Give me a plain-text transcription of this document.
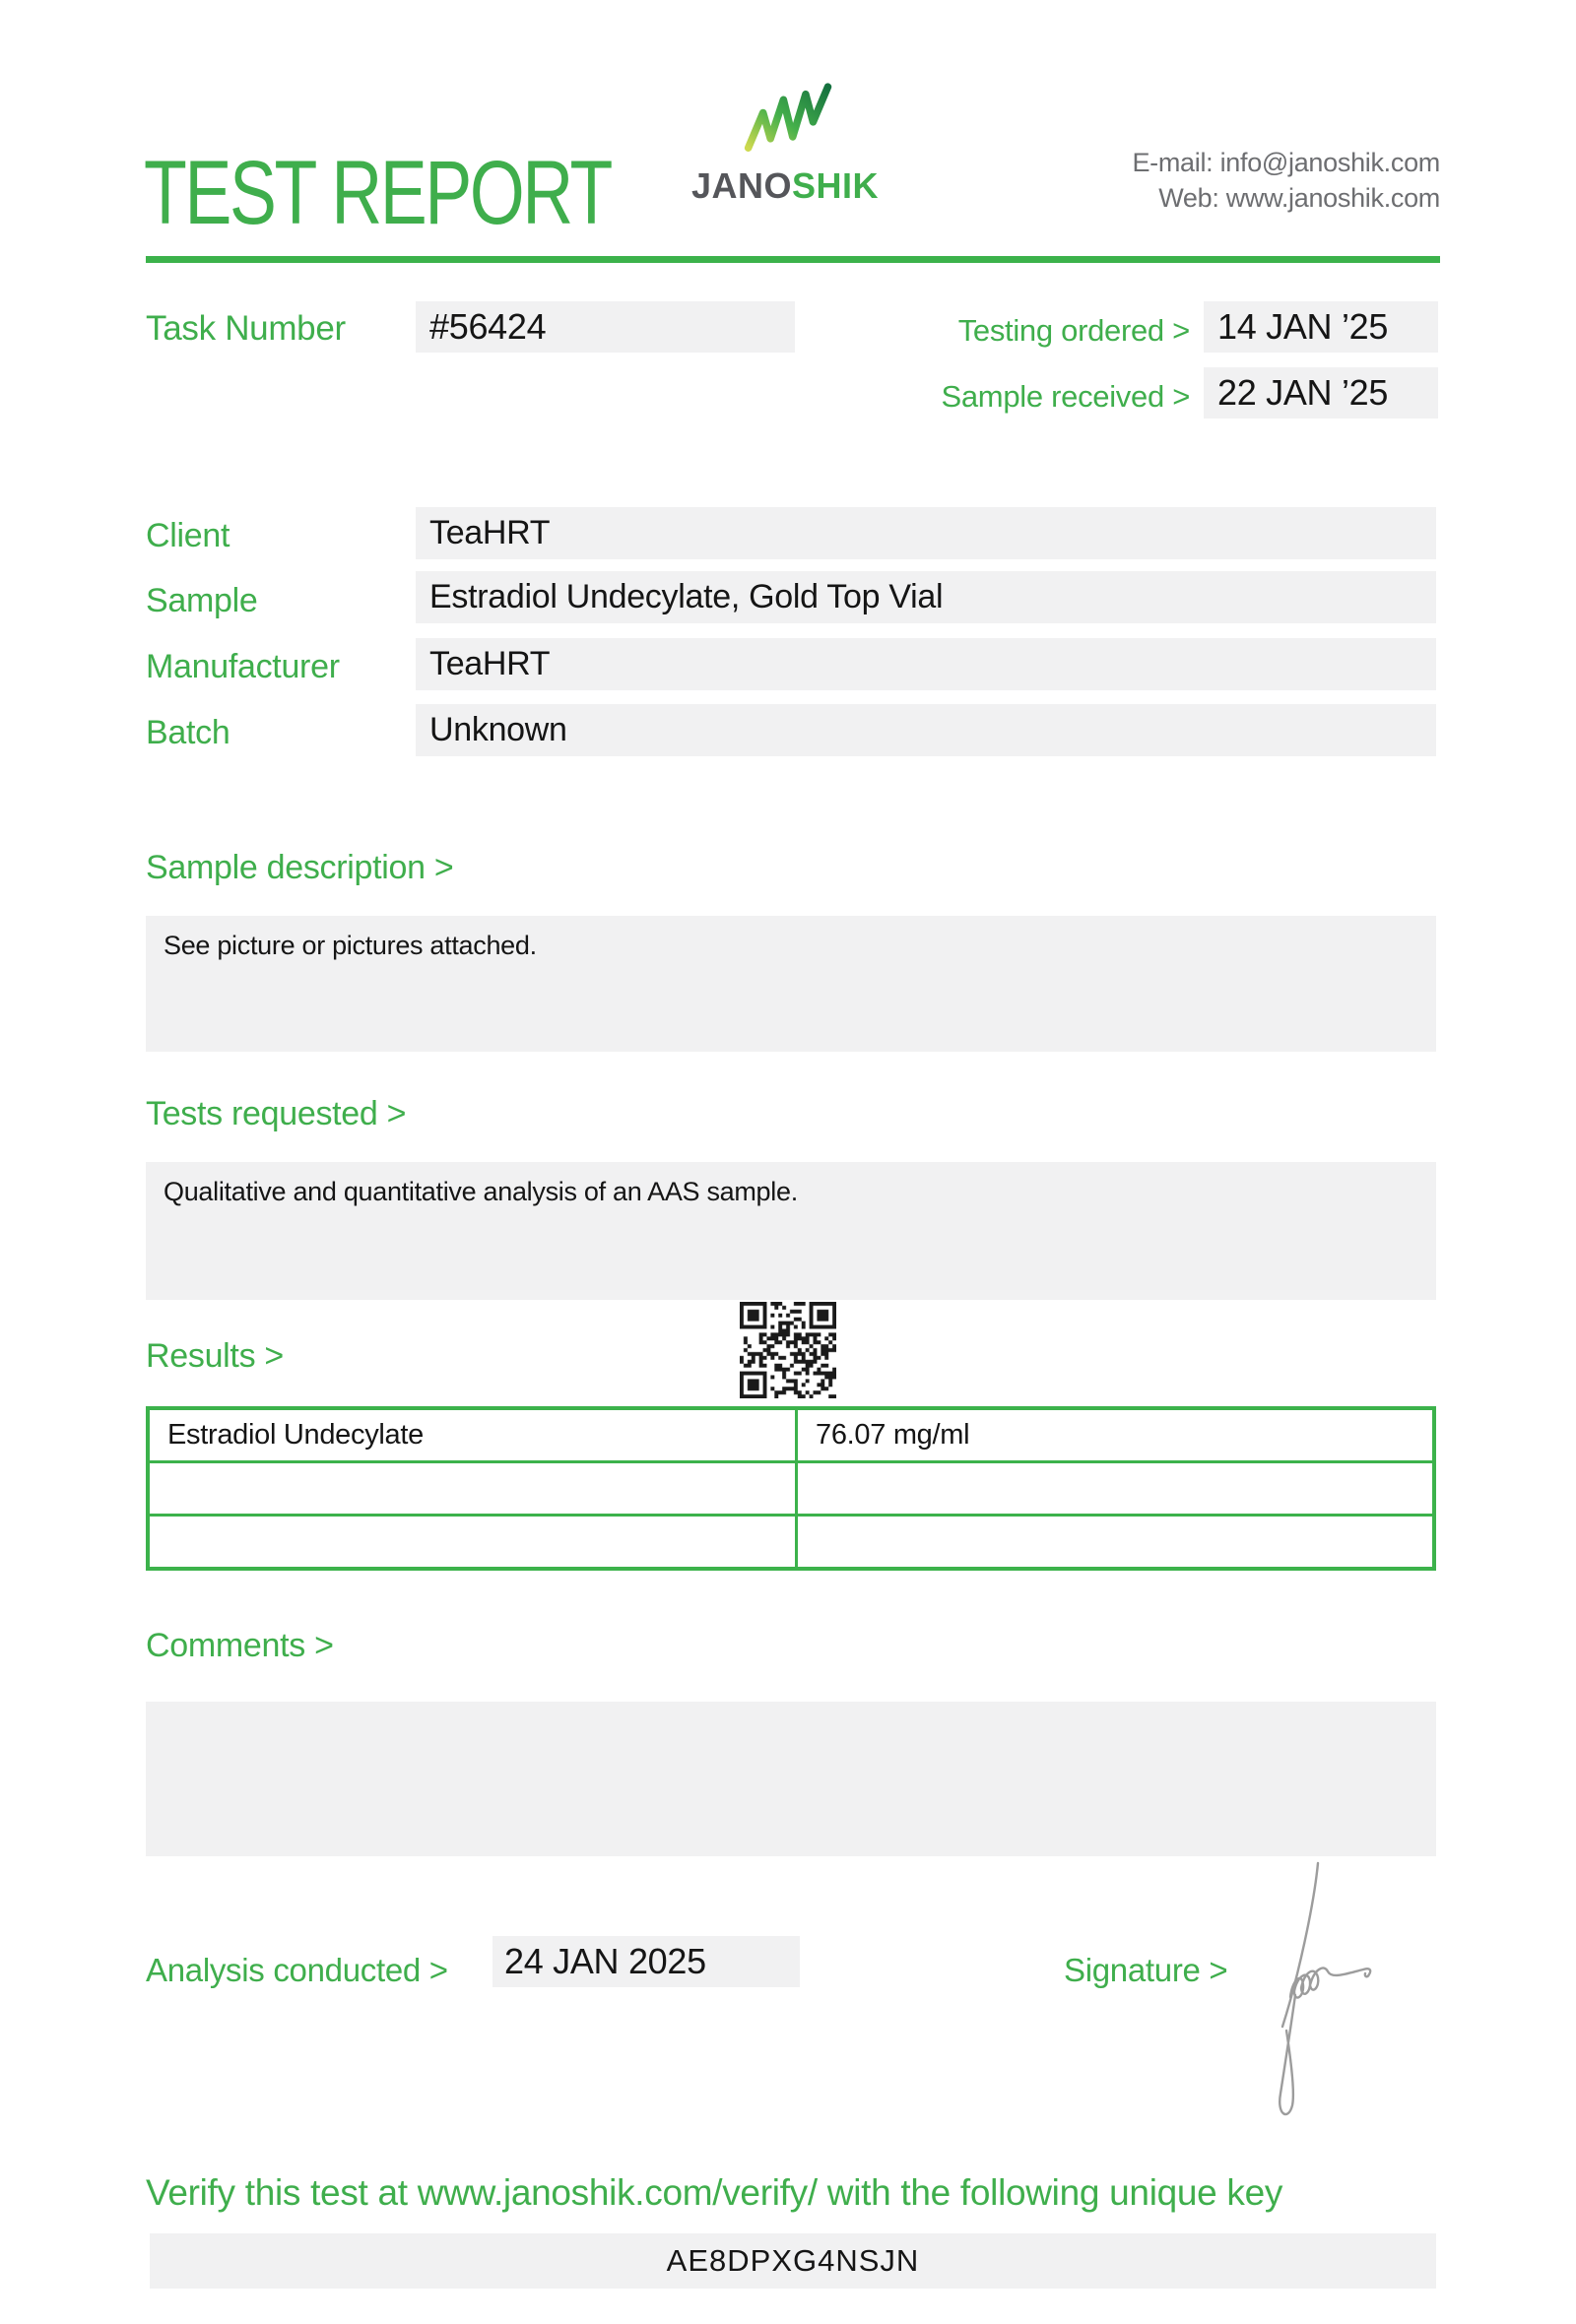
TEST REPORT	JANOSHIK
E-mail: info@janoshik.com
Web: www.janoshik.com
Task Number	#56424	Testing ordered > 14 JAN ’25
Sample received > 22 JAN ’25
Client	TeaHRT
Sample	Estradiol Undecylate, Gold Top Vial
Manufacturer	TeaHRT
Batch	Unknown
Sample description >
See picture or pictures attached.
Tests requested >
Qualitative and quantitative analysis of an AAS sample.
Results >
Estradiol Undecylate	76.07 mg/ml
Comments >
Analysis conducted >	24 JAN 2025	Signature >
Verify this test at www.janoshik.com/verify/ with the following unique key
AE8DPXG4NSJN
